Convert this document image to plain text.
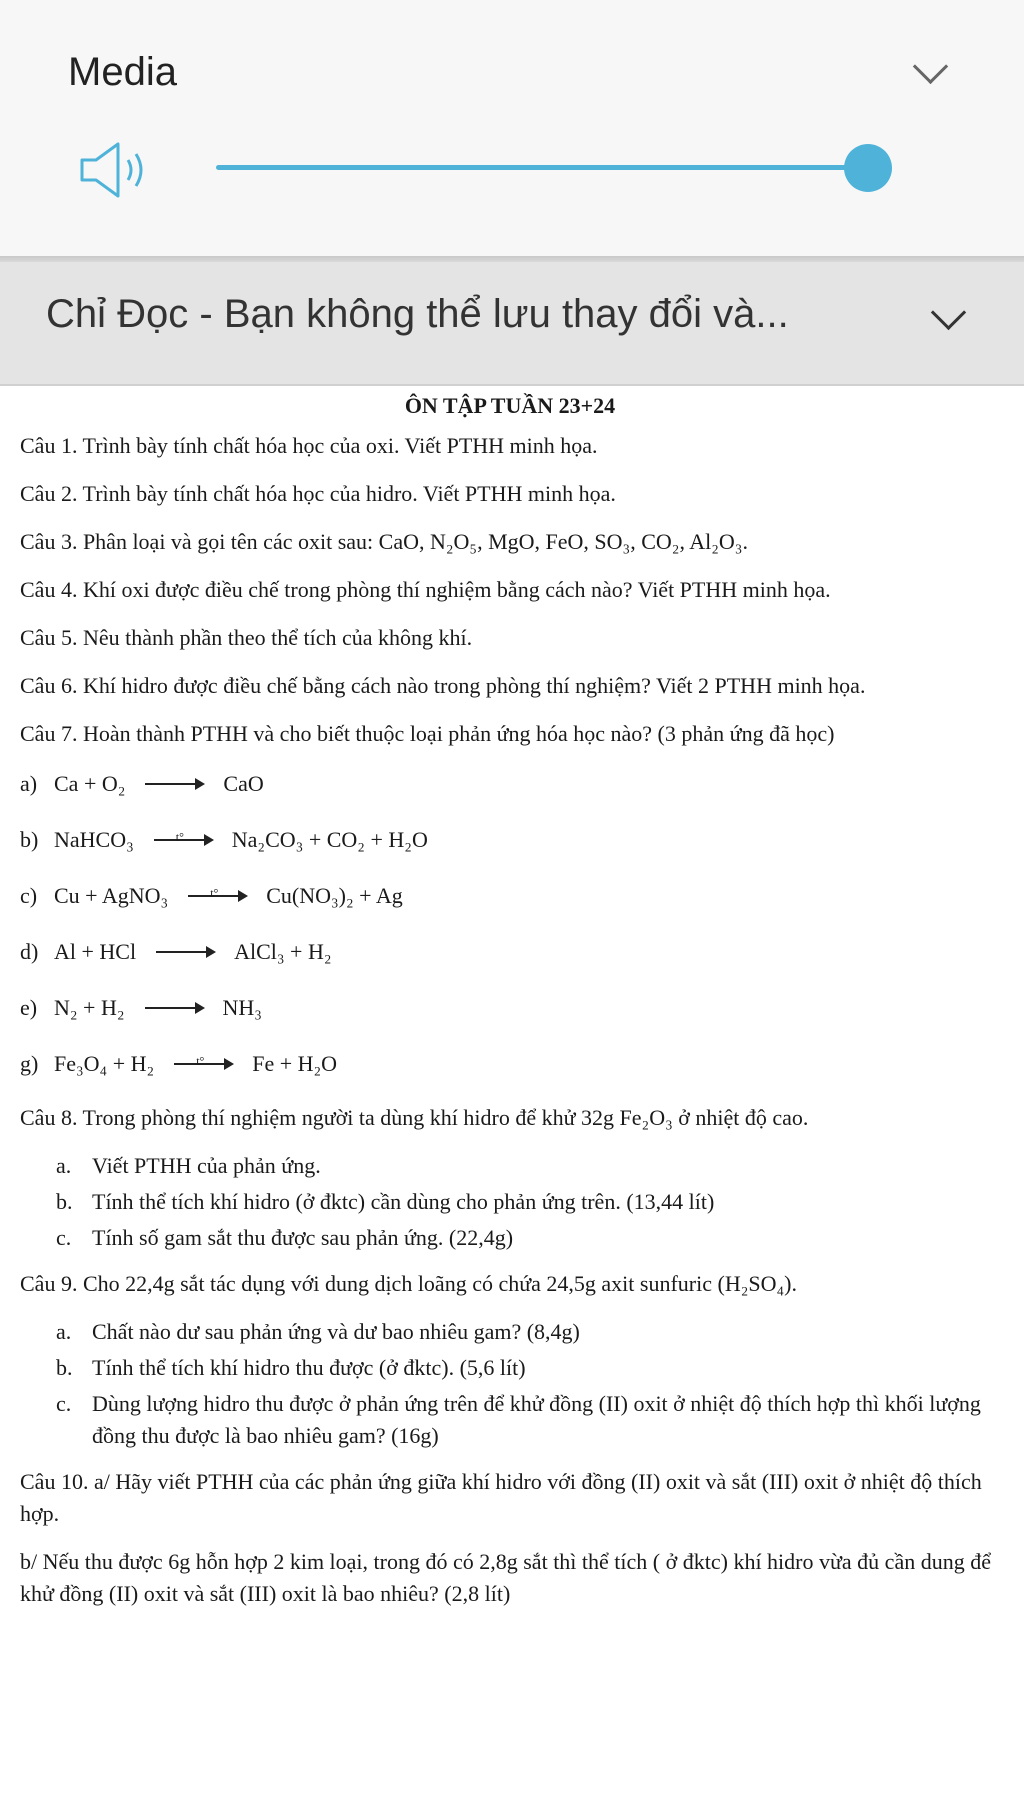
Media
Chỉ Đọc - Bạn không thể lưu thay đổi và...
ÔN TẬP TUẦN 23+24

Câu 1. Trình bày tính chất hóa học của oxi. Viết PTHH minh họa.

Câu 2. Trình bày tính chất hóa học của hidro. Viết PTHH minh họa.

Câu 3. Phân loại và gọi tên các oxit sau: CaO, N₂O₅, MgO, FeO, SO₃, CO₂, Al₂O₃.

Câu 4. Khí oxi được điều chế trong phòng thí nghiệm bằng cách nào? Viết PTHH minh họa.

Câu 5. Nêu thành phần theo thể tích của không khí.

Câu 6. Khí hidro được điều chế bằng cách nào trong phòng thí nghiệm? Viết 2 PTHH minh họa.

Câu 7. Hoàn thành PTHH và cho biết thuộc loại phản ứng hóa học nào? (3 phản ứng đã học)

a) Ca + O₂	CaO
b) NaHCO₃	t° Na₂CO₃ + CO₂ + H₂O
c) Cu + AgNO₃	t° Cu(NO₃)₂ + Ag
d) Al + HCl	AlCl₃ + H₂
e) N₂ + H₂	NH₃
g) Fe₃O₄ + H₂	t° Fe + H₂O

Câu 8. Trong phòng thí nghiệm người ta dùng khí hidro để khử 32g Fe₂O₃ ở nhiệt độ cao.

a. Viết PTHH của phản ứng.
b. Tính thể tích khí hidro (ở đktc) cần dùng cho phản ứng trên. (13,44 lít)
c. Tính số gam sắt thu được sau phản ứng. (22,4g)

Câu 9. Cho 22,4g sắt tác dụng với dung dịch loãng có chứa 24,5g axit sunfuric (H₂SO₄).

a. Chất nào dư sau phản ứng và dư bao nhiêu gam? (8,4g)
b. Tính thể tích khí hidro thu được (ở đktc). (5,6 lít)
c. Dùng lượng hidro thu được ở phản ứng trên để khử đồng (II) oxit ở nhiệt độ thích hợp thì khối lượng đồng thu được là bao nhiêu gam? (16g)

Câu 10. a/ Hãy viết PTHH của các phản ứng giữa khí hidro với đồng (II) oxit và sắt (III) oxit ở nhiệt độ thích hợp.

b/ Nếu thu được 6g hỗn hợp 2 kim loại, trong đó có 2,8g sắt thì thể tích ( ở đktc) khí hidro vừa đủ cần dung để khử đồng (II) oxit và sắt (III) oxit là bao nhiêu? (2,8 lít)
